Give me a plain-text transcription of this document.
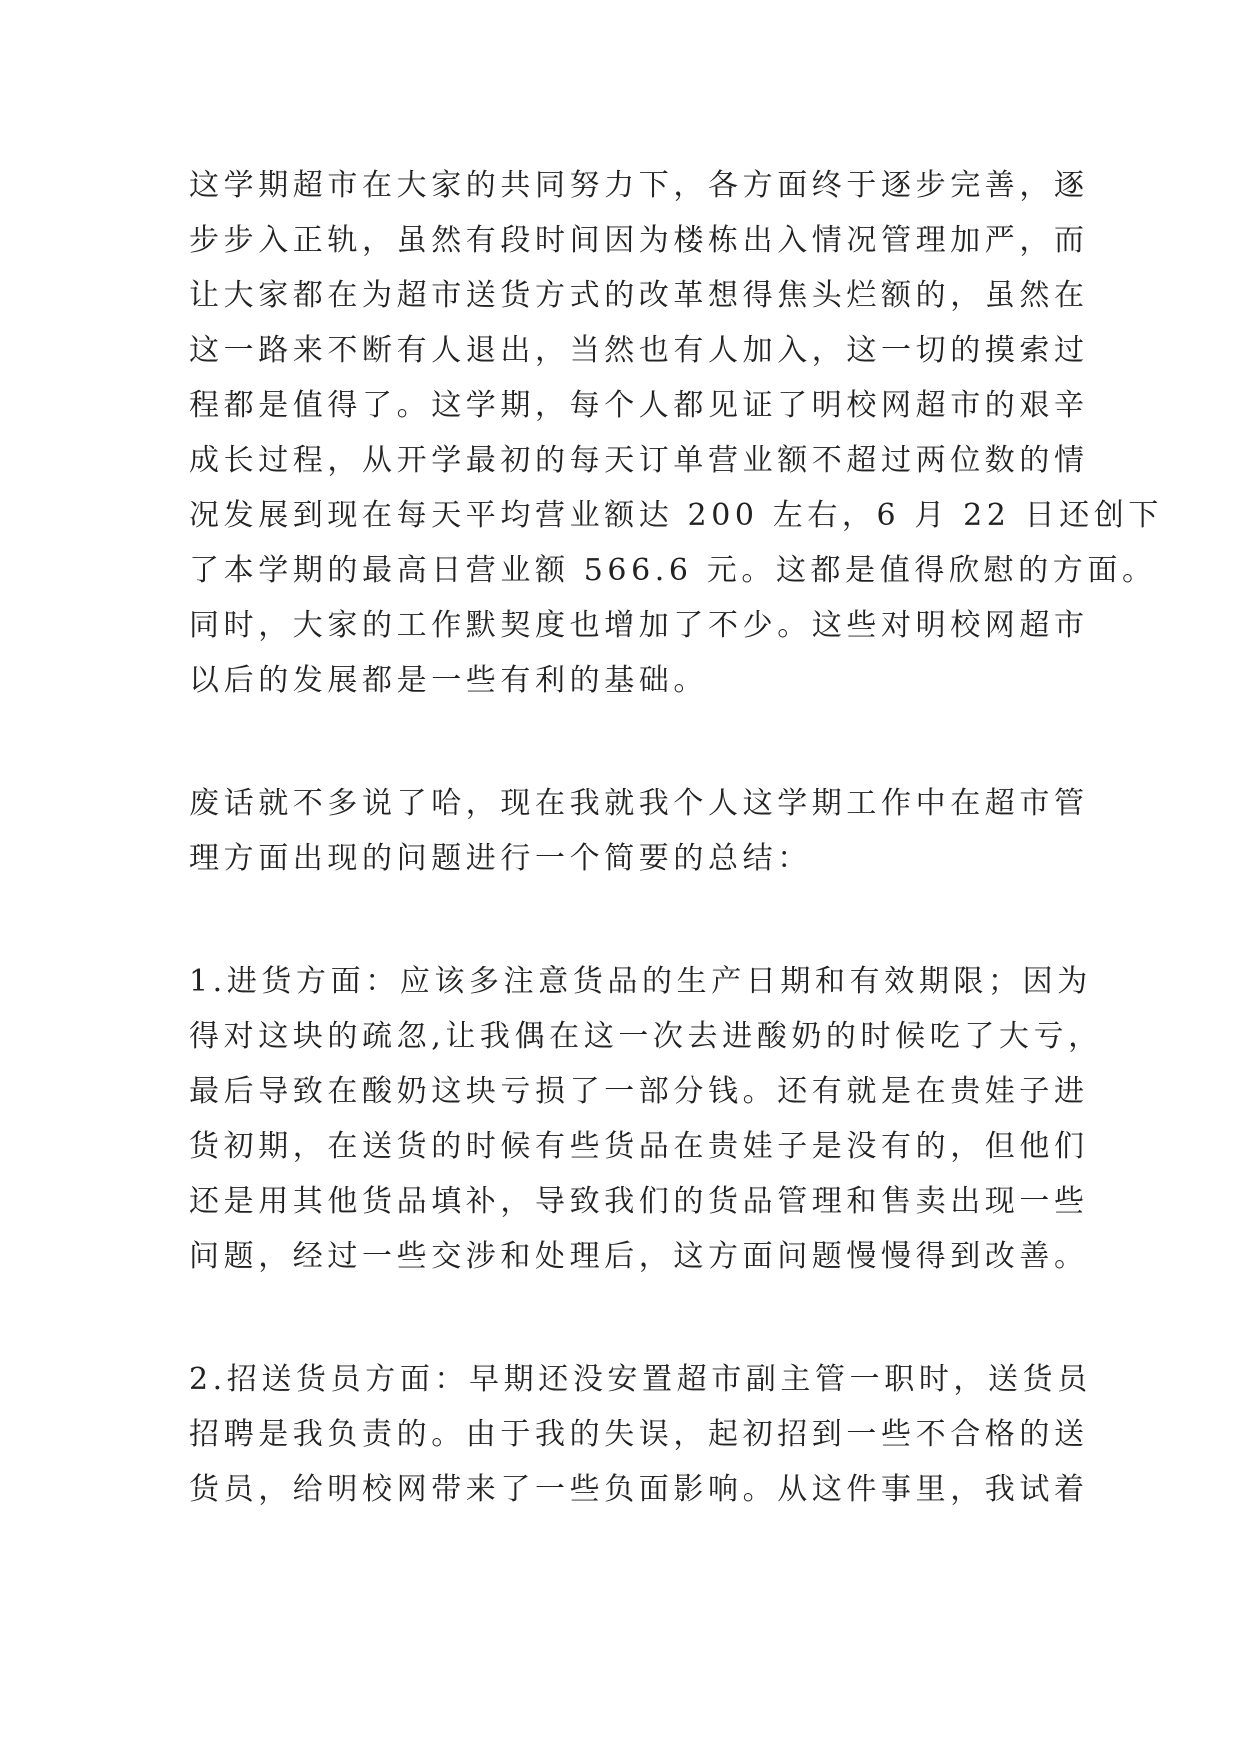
这学期超市在大家的共同努力下，各方面终于逐步完善，逐
步步入正轨，虽然有段时间因为楼栋出入情况管理加严，而
让大家都在为超市送货方式的改革想得焦头烂额的，虽然在
这一路来不断有人退出，当然也有人加入，这一切的摸索过
程都是值得了。这学期，每个人都见证了明校网超市的艰辛
成长过程，从开学最初的每天订单营业额不超过两位数的情
况发展到现在每天平均营业额达 200 左右，6 月 22 日还创下
了本学期的最高日营业额 566.6 元。这都是值得欣慰的方面。
同时，大家的工作默契度也增加了不少。这些对明校网超市
以后的发展都是一些有利的基础。
废话就不多说了哈，现在我就我个人这学期工作中在超市管
理方面出现的问题进行一个简要的总结：
1.进货方面：应该多注意货品的生产日期和有效期限；因为
得对这块的疏忽,让我偶在这一次去进酸奶的时候吃了大亏，
最后导致在酸奶这块亏损了一部分钱。还有就是在贵娃子进
货初期，在送货的时候有些货品在贵娃子是没有的，但他们
还是用其他货品填补，导致我们的货品管理和售卖出现一些
问题，经过一些交涉和处理后，这方面问题慢慢得到改善。
2.招送货员方面：早期还没安置超市副主管一职时，送货员
招聘是我负责的。由于我的失误，起初招到一些不合格的送
货员，给明校网带来了一些负面影响。从这件事里，我试着
